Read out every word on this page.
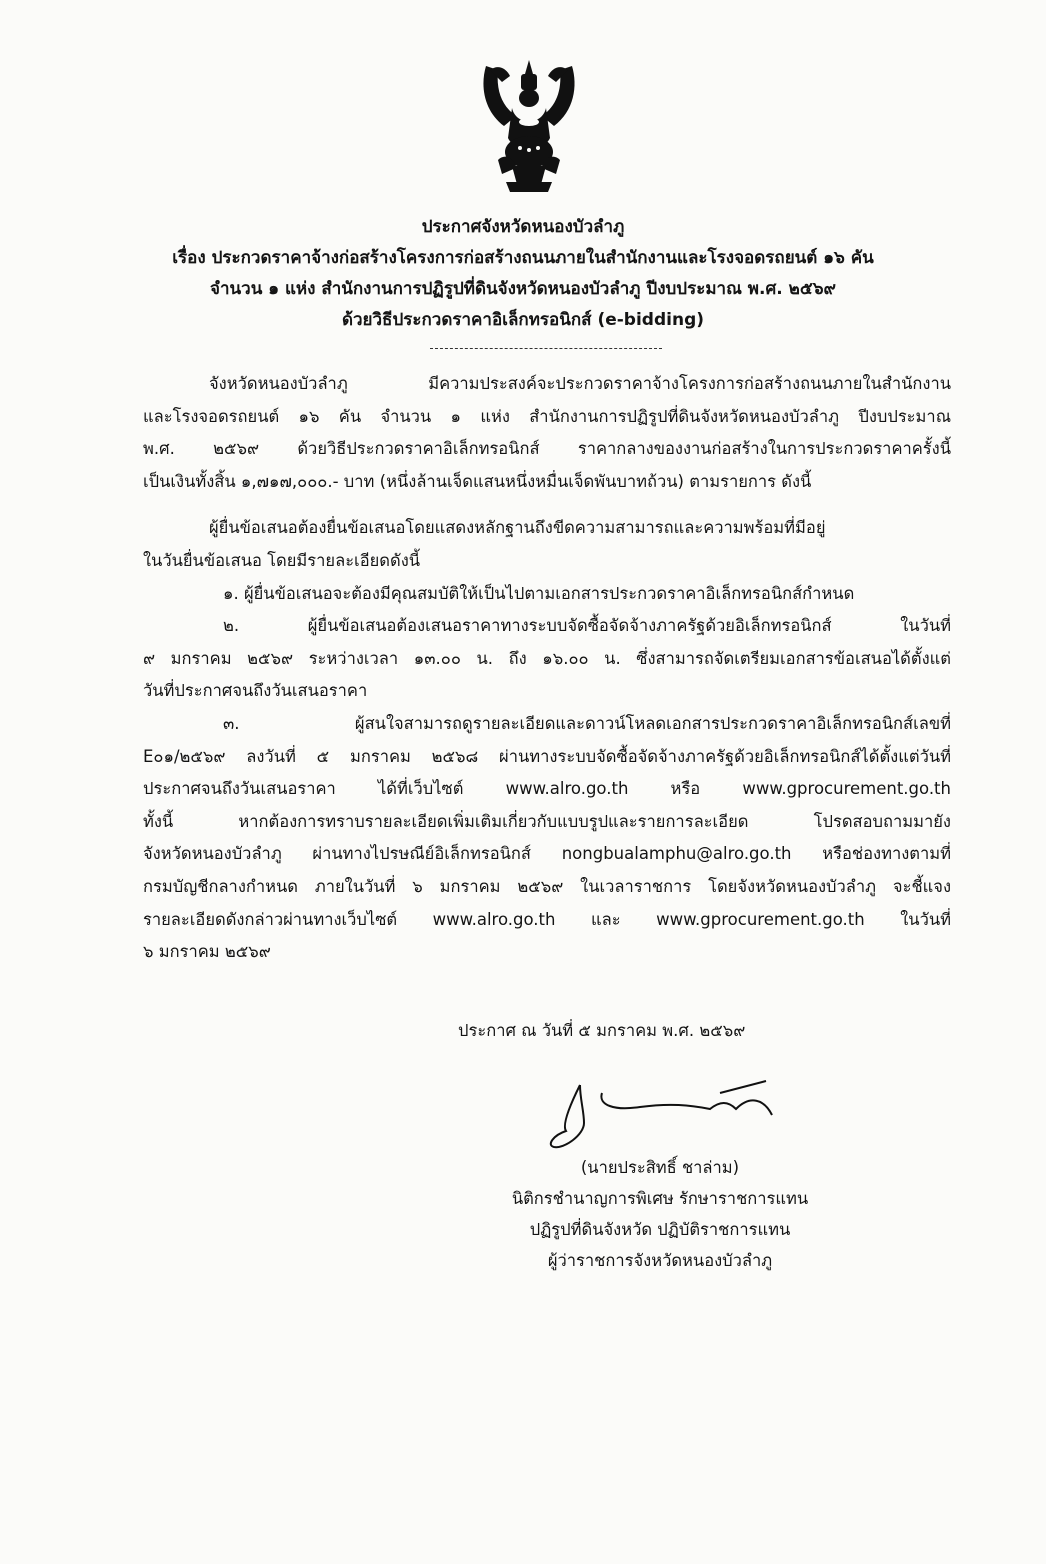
ประกาศจังหวัดหนองบัวลำภู
เรื่อง ประกวดราคาจ้างก่อสร้างโครงการก่อสร้างถนนภายในสำนักงานและโรงจอดรถยนต์ ๑๖ คัน
จำนวน ๑ แห่ง สำนักงานการปฏิรูปที่ดินจังหวัดหนองบัวลำภู ปีงบประมาณ พ.ศ. ๒๕๖๙
ด้วยวิธีประกวดราคาอิเล็กทรอนิกส์ (e-bidding)
จังหวัดหนองบัวลำภู มีความประสงค์จะประกวดราคาจ้างโครงการก่อสร้างถนนภายในสำนักงาน
และโรงจอดรถยนต์ ๑๖ คัน จำนวน ๑ แห่ง สำนักงานการปฏิรูปที่ดินจังหวัดหนองบัวลำภู ปีงบประมาณ
พ.ศ. ๒๕๖๙ ด้วยวิธีประกวดราคาอิเล็กทรอนิกส์ ราคากลางของงานก่อสร้างในการประกวดราคาครั้งนี้
เป็นเงินทั้งสิ้น ๑,๗๑๗,๐๐๐.- บาท (หนึ่งล้านเจ็ดแสนหนึ่งหมื่นเจ็ดพันบาทถ้วน) ตามรายการ ดังนี้
ผู้ยื่นข้อเสนอต้องยื่นข้อเสนอโดยแสดงหลักฐานถึงขีดความสามารถและความพร้อมที่มีอยู่
ในวันยื่นข้อเสนอ โดยมีรายละเอียดดังนี้
๑. ผู้ยื่นข้อเสนอจะต้องมีคุณสมบัติให้เป็นไปตามเอกสารประกวดราคาอิเล็กทรอนิกส์กำหนด
๒. ผู้ยื่นข้อเสนอต้องเสนอราคาทางระบบจัดซื้อจัดจ้างภาครัฐด้วยอิเล็กทรอนิกส์ ในวันที่
๙ มกราคม ๒๕๖๙ ระหว่างเวลา ๑๓.๐๐ น. ถึง ๑๖.๐๐ น. ซึ่งสามารถจัดเตรียมเอกสารข้อเสนอได้ตั้งแต่
วันที่ประกาศจนถึงวันเสนอราคา
๓. ผู้สนใจสามารถดูรายละเอียดและดาวน์โหลดเอกสารประกวดราคาอิเล็กทรอนิกส์เลขที่
E๐๑/๒๕๖๙ ลงวันที่ ๕ มกราคม ๒๕๖๘ ผ่านทางระบบจัดซื้อจัดจ้างภาครัฐด้วยอิเล็กทรอนิกส์ได้ตั้งแต่วันที่
ประกาศจนถึงวันเสนอราคา ได้ที่เว็บไซต์ www.alro.go.th หรือ www.gprocurement.go.th
ทั้งนี้ หากต้องการทราบรายละเอียดเพิ่มเติมเกี่ยวกับแบบรูปและรายการละเอียด โปรดสอบถามมายัง
จังหวัดหนองบัวลำภู ผ่านทางไปรษณีย์อิเล็กทรอนิกส์ nongbualamphu@alro.go.th หรือช่องทางตามที่
กรมบัญชีกลางกำหนด ภายในวันที่ ๖ มกราคม ๒๕๖๙ ในเวลาราชการ โดยจังหวัดหนองบัวลำภู จะชี้แจง
รายละเอียดดังกล่าวผ่านทางเว็บไซต์ www.alro.go.th และ www.gprocurement.go.th ในวันที่
๖ มกราคม ๒๕๖๙
ประกาศ ณ วันที่ ๕ มกราคม พ.ศ. ๒๕๖๙
(นายประสิทธิ์ ชาล่าม)
นิติกรชำนาญการพิเศษ รักษาราชการแทน
ปฏิรูปที่ดินจังหวัด ปฏิบัติราชการแทน
ผู้ว่าราชการจังหวัดหนองบัวลำภู
